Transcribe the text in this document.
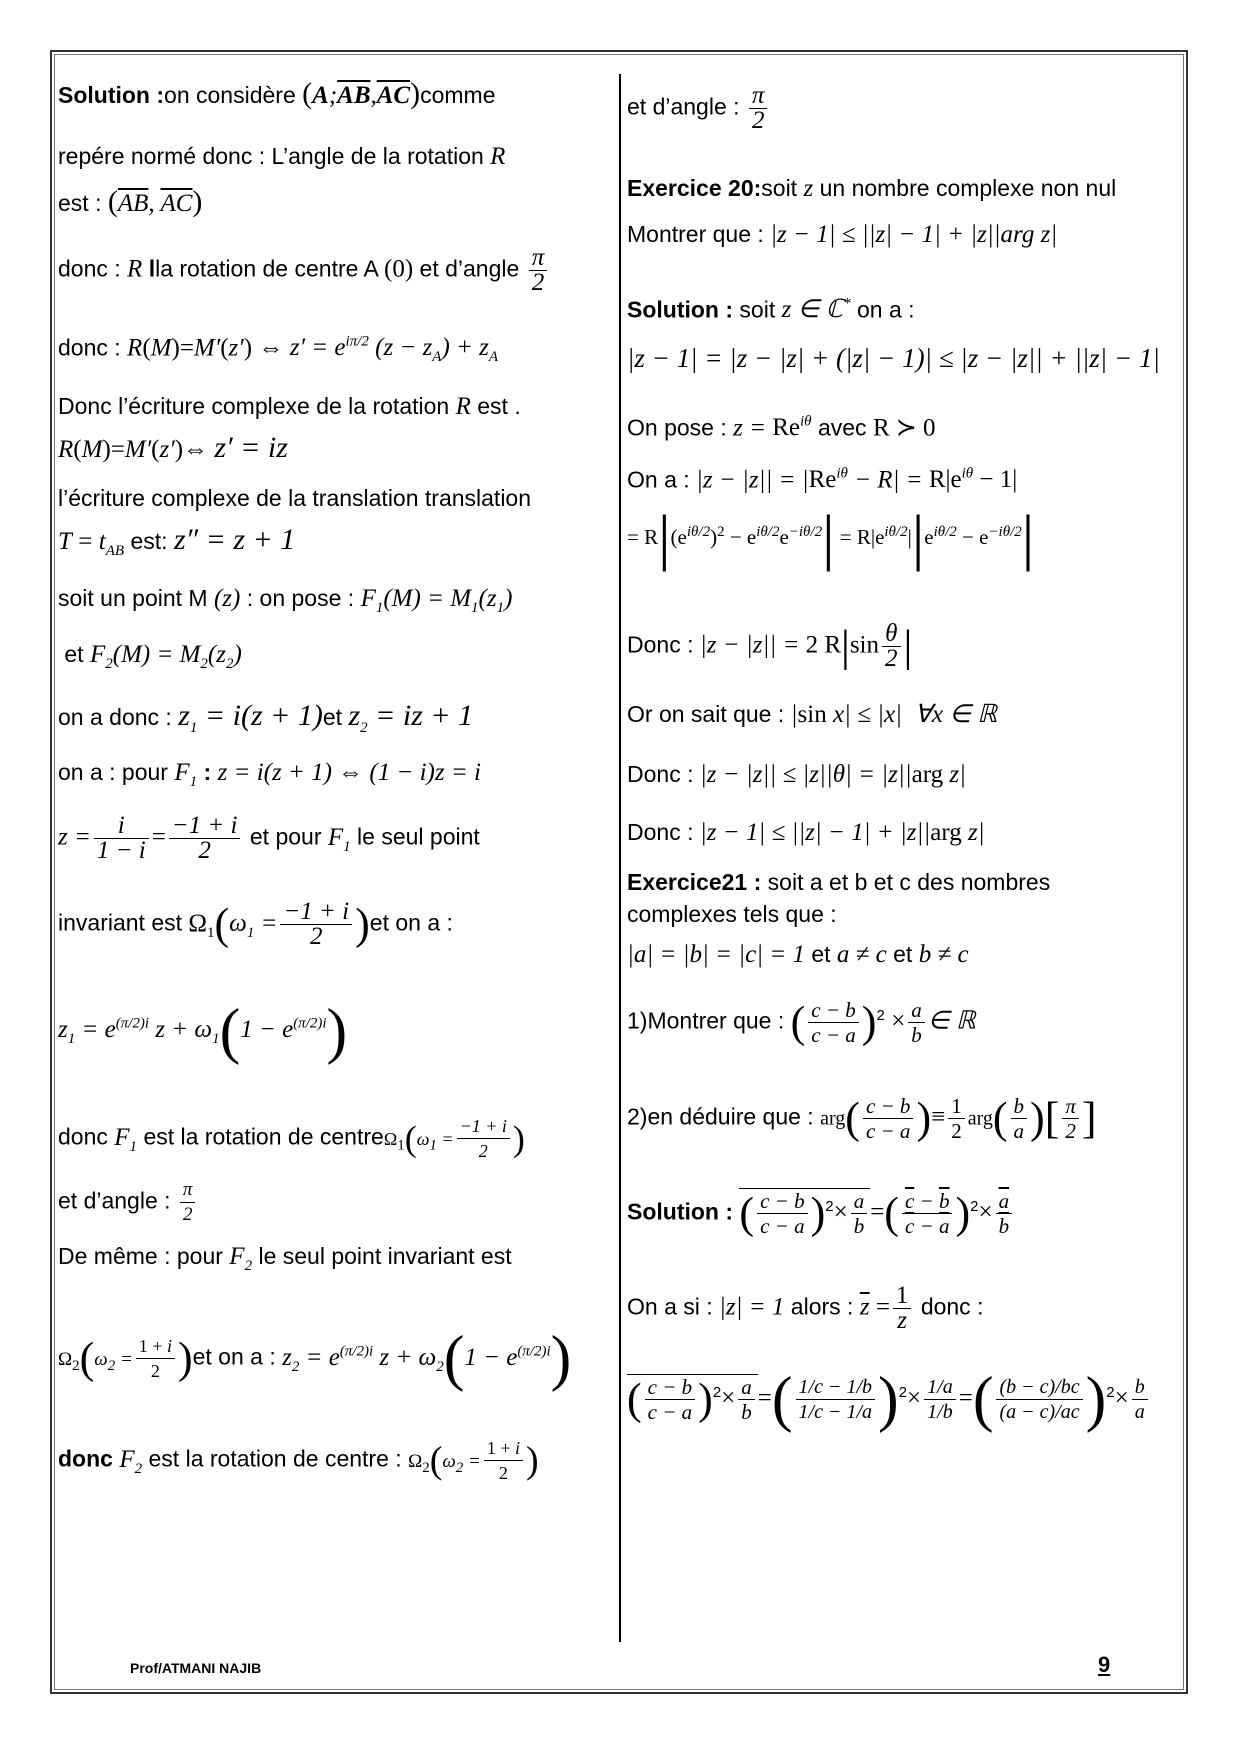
Solution :on considère $(A;\overline{AB},\overline{AC})comme$
repére normé donc : L’angle de la rotation R
est : ($\overline{AB}$, $\overline{AC}$)
donc : R lla rotation de centre A (0) et d’angle $\frac{\pi}{2}$
donc : R(M)=M′(z′) ⇔ $z' = e^{i\pi/2}$ $(z - z_A) + z_A$
Donc l’écriture complexe de la rotation R est .
R(M)=M′(z′)⇔ z′ = iz
l’écriture complexe de la translation translation
$T = t_{AB}$ est: z″ = z + 1
soit un point M (z) : on pose : $F_1(M) = M_1(z_1)$
et $F_2(M) = M_2(z_2)$
on a donc : $z_1 = i(z + 1)et$ $z_2$ = iz + 1
on a : pour $F_1$ : z = i(z + 1) ⇔ (1 − i)z = i
$z = \frac{i}{1 - i} = \frac{-1 + i}{2}$ et pour $F_1$ le seul point
invariant est $\Omega_1(\omega_1 = \frac{-1 + i}{2} )et$ on a :
$z_1 = e^{(\pi/2)i}$ $z + \omega_1(1 - e^{(\pi/2)i})$
donc $F_1$ est la rotation de $centre\Omega_1(\omega_1 = \frac{-1 + i}{2}$ )
et d’angle : $\frac{\pi}{2}$
De même : pour $F_2$ le seul point invariant est
$\Omega_2(\omega_2 = \frac{1 + i}{2} )et$ on a : $z_2 = e^{(\pi/2)i}$ $z + \omega_2(1 - e^{(\pi/2)i})$
donc $F_2$ est la rotation de centre : $\Omega_2(\omega_2 = \frac{1 + i}{2}$ )
et d’angle : $\frac{\pi}{2}$
Exercice 20:soit z un nombre complexe non nul
Montrer que : |z − 1| ≤ ||z| − 1| + |z||arg z|
Solution : soit z ∈ ℂ* on a :
|z − 1| = |z − |z| + (|z| − 1)| ≤ |z − |z|| + ||z| − 1|
On pose : $z = Re^{i\theta}$ avec R ≻ 0
On a : $|z - |z|| = |Re^{i\theta} - R| = R|e^{i\theta} - 1|$
= $R|(e^{i\theta/2})^2 - e^{i\theta/2}e^{-i\theta/2}| = R|e^{i\theta/2}||e^{i\theta/2} - e^{-i\theta/2}|$
Donc : |z − |z|| = 2 $R|\sin \frac{\theta}{2}$ |
Or on sait que : |sin x| ≤ |x| ∀x ∈ ℝ
Donc : |z − |z|| ≤ |z||θ| = |z||arg z|
Donc : |z − 1| ≤ ||z| − 1| + |z||arg z|
Exercice21 : soit a et b et c des nombres
complexes tels que :
|a| = |b| = |c| = 1 et a ≠ c et b ≠ c
1)Montrer que : ( $\frac{c - b}{c - a} )^2 \times \frac{a}{b}$ ∈ ℝ
2)en déduire que : $arg( \frac{c - b}{c - a}$ )≡ $\frac{1}{2} arg( \frac{b}{a}$ )[ $\frac{\pi}{2}$ ]
Solution : ( $\frac{c - b}{c - a} )^2\times \frac{a}{b}$ =( $\frac{\overline{c} - \overline{b}}{\overline{c} - \overline{a}} )^2\times \frac{\overline{a}}{b}$
On a si : |z| = 1 alors : $\overline{z} = \frac{1}{z}$ donc :
( $\frac{c - b}{c - a} )^2\times \frac{a}{b}$ =( $\frac{1/c - 1/b}{1/c - 1/a} )^2\times \frac{1/a}{1/b}$ =( $\frac{(b - c)/bc}{(a - c)/ac} )^2\times \frac{b}{a}$
Prof/ATMANI NAJIB	9
